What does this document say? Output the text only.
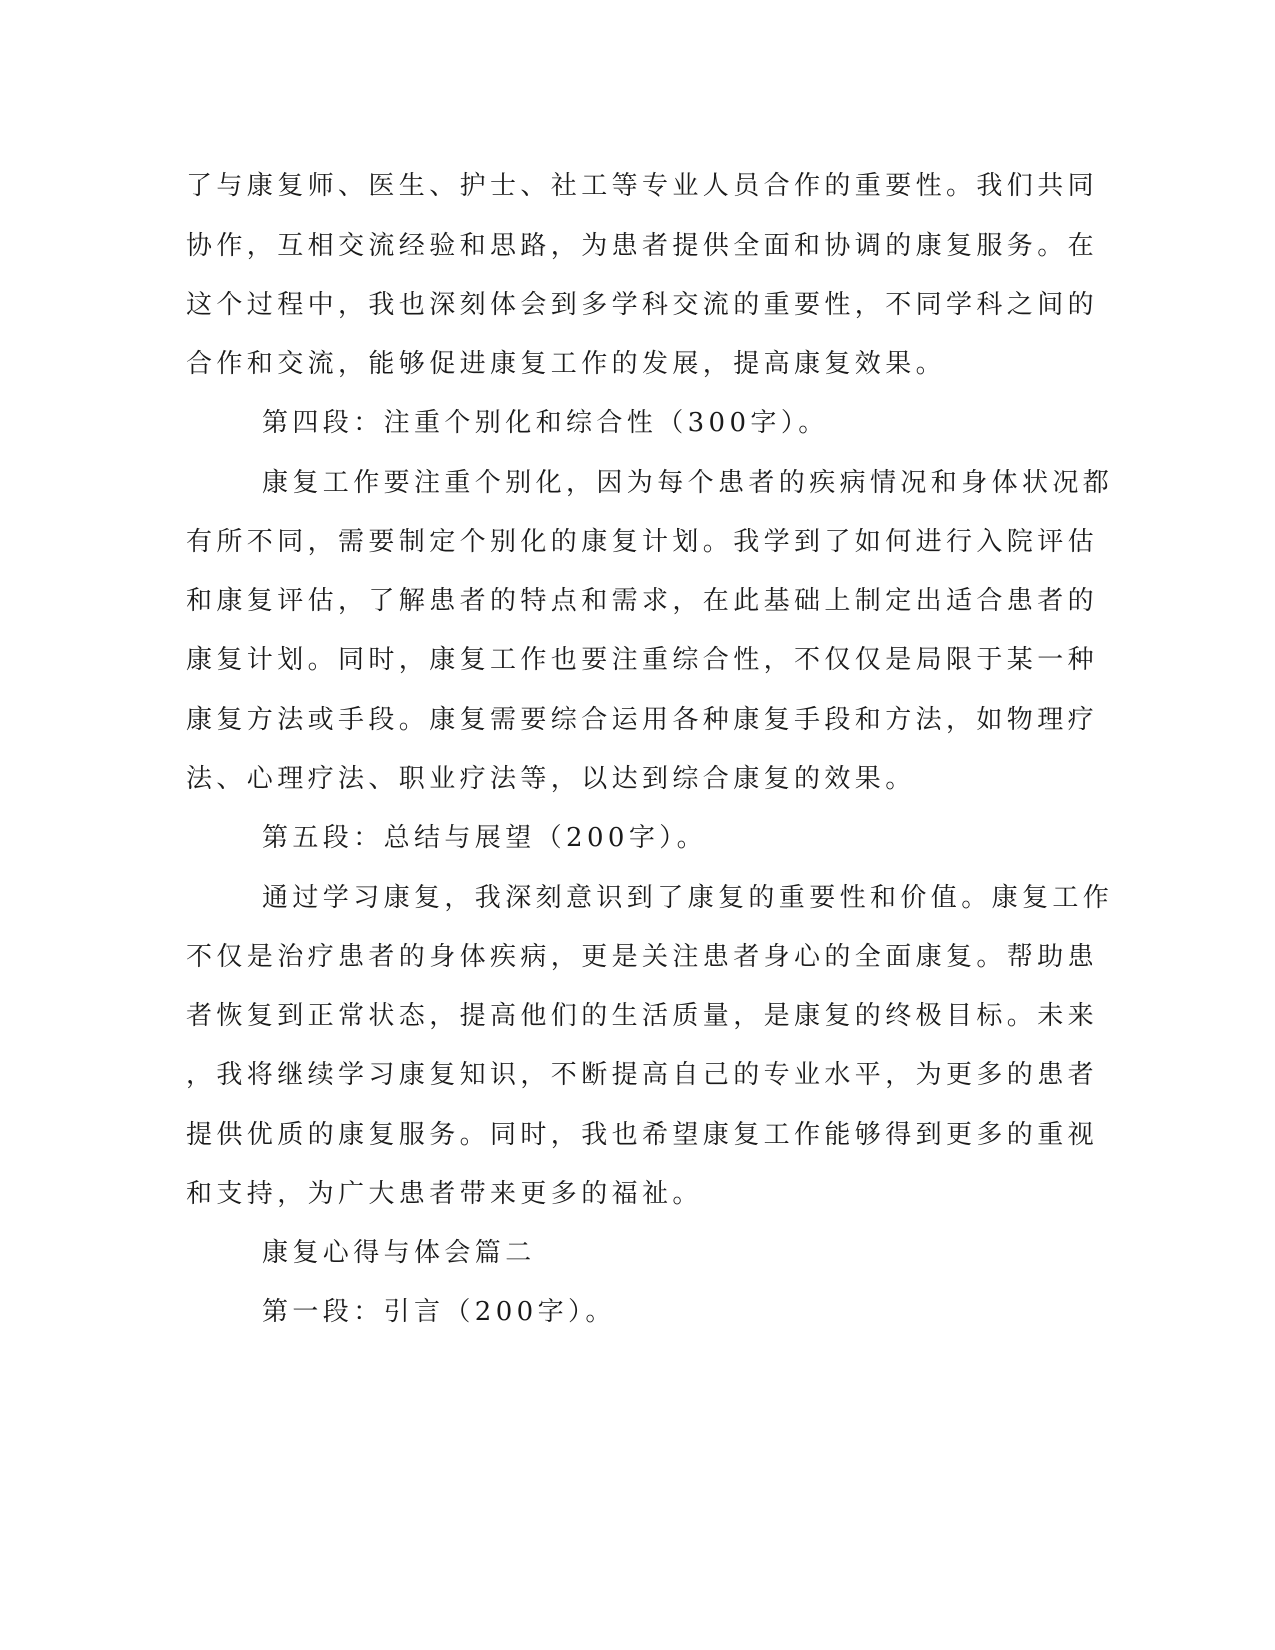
了与康复师、医生、护士、社工等专业人员合作的重要性。我们共同
协作，互相交流经验和思路，为患者提供全面和协调的康复服务。在
这个过程中，我也深刻体会到多学科交流的重要性，不同学科之间的
合作和交流，能够促进康复工作的发展，提高康复效果。
第四段：注重个别化和综合性（300字）。
康复工作要注重个别化，因为每个患者的疾病情况和身体状况都
有所不同，需要制定个别化的康复计划。我学到了如何进行入院评估
和康复评估，了解患者的特点和需求，在此基础上制定出适合患者的
康复计划。同时，康复工作也要注重综合性，不仅仅是局限于某一种
康复方法或手段。康复需要综合运用各种康复手段和方法，如物理疗
法、心理疗法、职业疗法等，以达到综合康复的效果。
第五段：总结与展望（200字）。
通过学习康复，我深刻意识到了康复的重要性和价值。康复工作
不仅是治疗患者的身体疾病，更是关注患者身心的全面康复。帮助患
者恢复到正常状态，提高他们的生活质量，是康复的终极目标。未来
，我将继续学习康复知识，不断提高自己的专业水平，为更多的患者
提供优质的康复服务。同时，我也希望康复工作能够得到更多的重视
和支持，为广大患者带来更多的福祉。
康复心得与体会篇二
第一段：引言（200字）。
